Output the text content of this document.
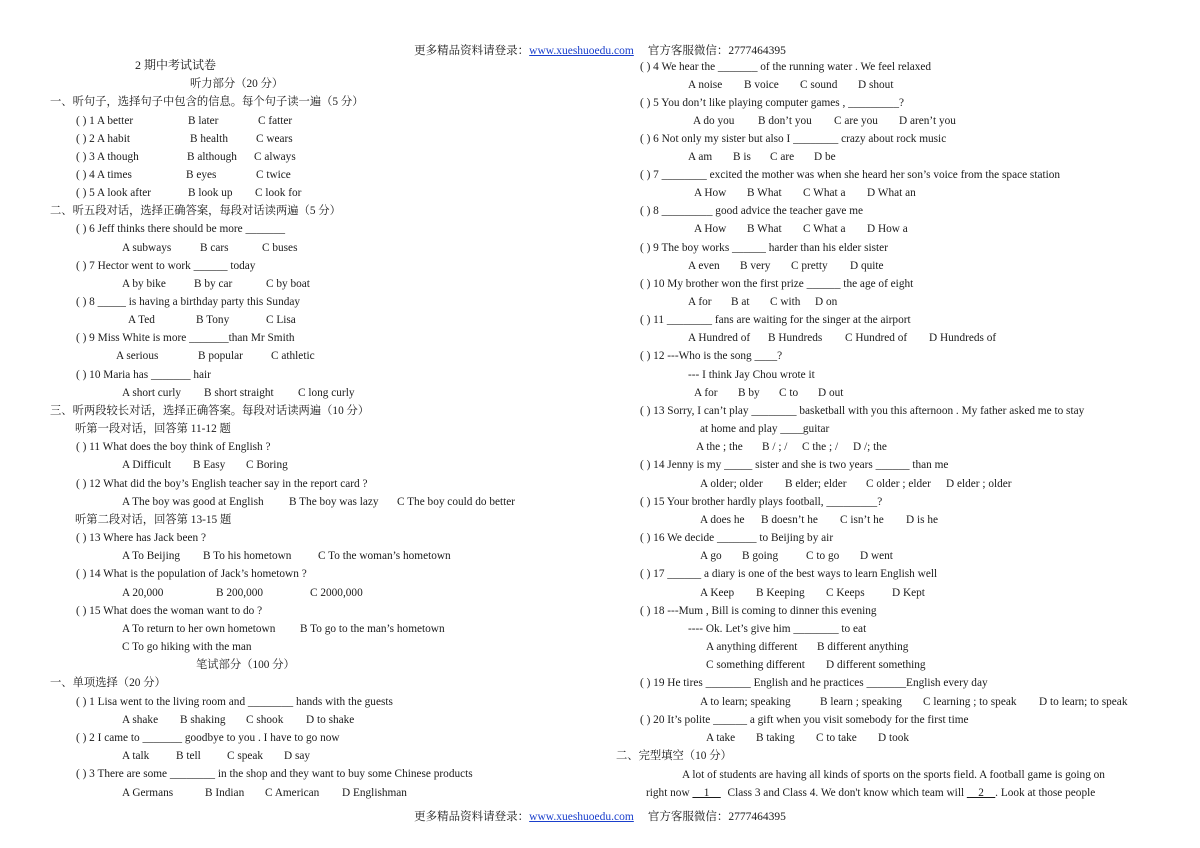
更多精品资料请登录：www.xueshuoedu.com 官方客服微信：2777464395
2 期中考试试卷
听力部分（20 分）
一、听句子，选择句子中包含的信息。每个句子读一遍（5 分）
( ) 1 A better	B later	C fatter
( ) 2 A habit	B health C wears
( ) 3 A though	B although C always
( ) 4 A times	B eyes	C twice
( ) 5 A look after	B look up C look for
二、听五段对话，选择正确答案，每段对话读两遍（5 分）
( ) 6 Jeff thinks there should be more _______
A subways	B cars	C buses
( ) 7 Hector went to work ______ today
A by bike B by car	C by boat
( ) 8 _____ is having a birthday party this Sunday
A Ted	B Tony	C Lisa
( ) 9 Miss White is more _______than Mr Smith
A serious	B popular C athletic
( ) 10 Maria has _______ hair
A short curly B short straight C long curly
三、听两段较长对话，选择正确答案。每段对话读两遍（10 分）
听第一段对话，回答第 11-12 题
( ) 11 What does the boy think of English ?
A Difficult B Easy C Boring
( ) 12 What did the boy’s English teacher say in the report card ?
A The boy was good at English B The boy was lazy C The boy could do better
听第二段对话，回答第 13-15 题
( ) 13 Where has Jack been ?
A To Beijing B To his hometown C To the woman’s hometown
( ) 14 What is the population of Jack’s hometown ?
A 20,000	B 200,000	C 2000,000
( ) 15 What does the woman want to do ?
A To return to her own hometown B To go to the man’s hometown
C To go hiking with the man
笔试部分（100 分）
一、单项选择（20 分）
( ) 1 Lisa went to the living room and ________ hands with the guests
A shake B shaking C shook D to shake
( ) 2 I came to _______ goodbye to you . I have to go now
A talk B tell C speak D say
( ) 3 There are some ________ in the shop and they want to buy some Chinese products
A Germans	B Indian C American D Englishman
( ) 4 We hear the _______ of the running water . We feel relaxed
A noise B voice C sound D shout
( ) 5 You don’t like playing computer games , _________?
A do you B don’t you C are you D aren’t you
( ) 6 Not only my sister but also I ________ crazy about rock music
A am B is C are D be
( ) 7 ________ excited the mother was when she heard her son’s voice from the space station
A How B What C What a D What an
( ) 8 _________ good advice the teacher gave me
A How B What C What a D How a
( ) 9 The boy works ______ harder than his elder sister
A even B very C pretty D quite
( ) 10 My brother won the first prize ______ the age of eight
A for B at C with D on
( ) 11 ________ fans are waiting for the singer at the airport
A Hundred of B Hundreds C Hundred of D Hundreds of
( ) 12 ---Who is the song ____?
--- I think Jay Chou wrote it
A for B by C to D out
( ) 13 Sorry, I can’t play ________ basketball with you this afternoon . My father asked me to stay
at home and play ____guitar
A the ; the B / ; / C the ; / D /; the
( ) 14 Jenny is my _____ sister and she is two years ______ than me
A older; older B elder; elder C older ; elder D elder ; older
( ) 15 Your brother hardly plays football, _________?
A does he B doesn’t he C isn’t he D is he
( ) 16 We decide _______ to Beijing by air
A go B going C to go D went
( ) 17 ______ a diary is one of the best ways to learn English well
A Keep B Keeping C Keeps D Kept
( ) 18 ---Mum , Bill is coming to dinner this evening
---- Ok. Let’s give him ________ to eat
A anything different B different anything
C something different D different something
( ) 19 He tires ________ English and he practices _______English every day
A to learn; speaking	B learn ; speaking C learning ; to speak D to learn; to speak
( ) 20 It’s polite ______ a gift when you visit somebody for the first time
A take B taking C to take D took
二、完型填空（10 分）
A lot of students are having all kinds of sports on the sports field. A football game is going on
right now __1__ Class 3 and Class 4. We don't know which team will __2__. Look at those people
更多精品资料请登录：www.xueshuoedu.com 官方客服微信：2777464395
